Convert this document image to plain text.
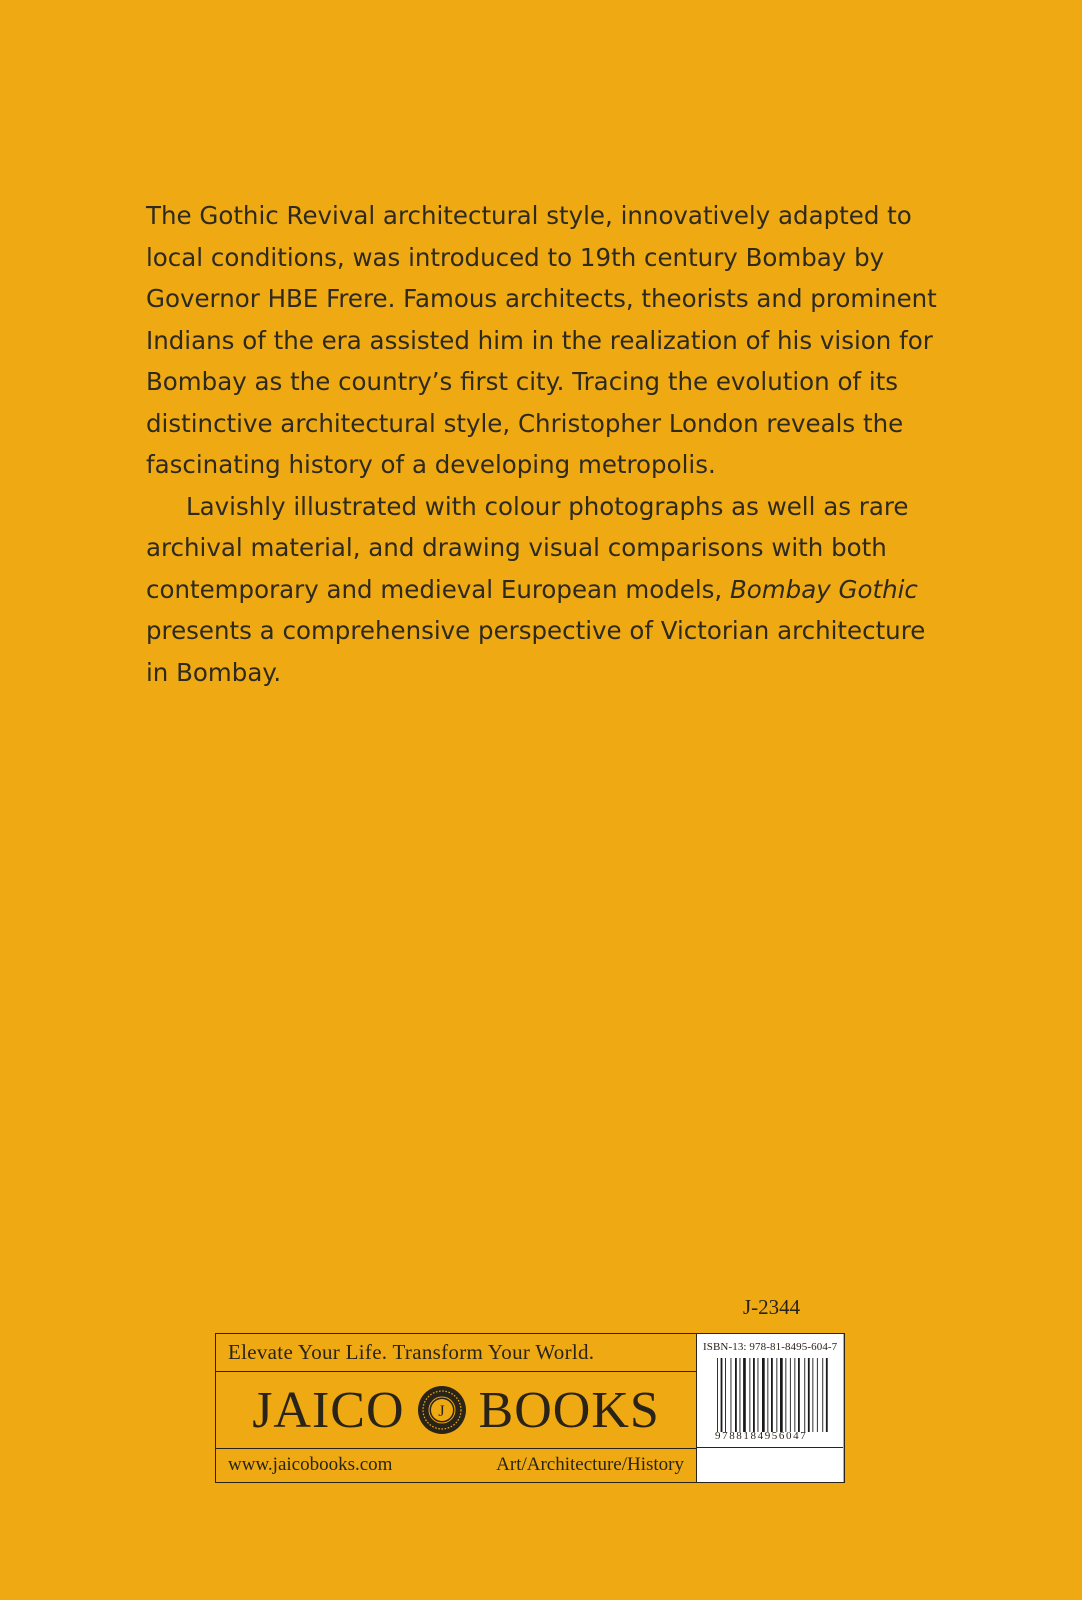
The Gothic Revival architectural style, innovatively adapted to local conditions, was introduced to 19th century Bombay by Governor HBE Frere. Famous architects, theorists and prominent Indians of the era assisted him in the realization of his vision for Bombay as the country’s first city. Tracing the evolution of its distinctive architectural style, Christopher London reveals the fascinating history of a developing metropolis.

Lavishly illustrated with colour photographs as well as rare archival material, and drawing visual comparisons with both contemporary and medieval European models, Bombay Gothic presents a comprehensive perspective of Victorian architecture in Bombay.

J-2344
Elevate Your Life. Transform Your World.
JAICO J BOOKS
www.jaicobooks.com	Art/Architecture/History
ISBN-13: 978-81-8495-604-7
9788184956047
